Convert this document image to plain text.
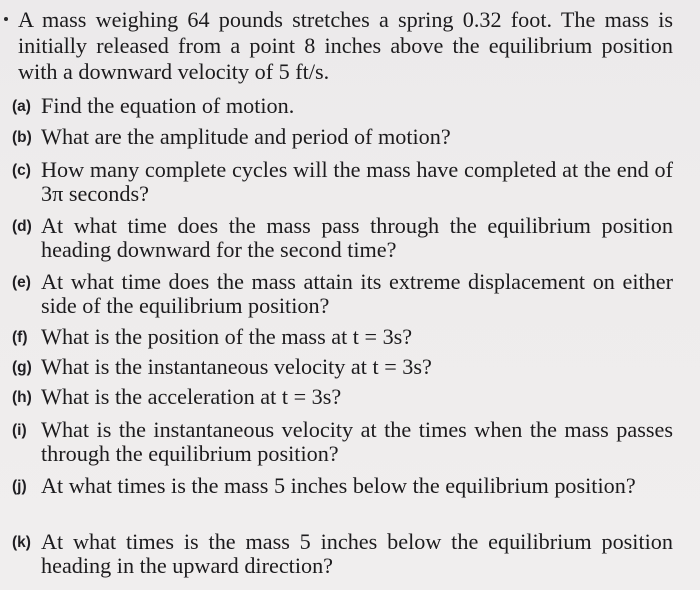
A mass weighing 64 pounds stretches a spring 0.32 foot. The mass is initially released from a point 8 inches above the equilibrium position with a downward velocity of 5 ft/s.

(a) Find the equation of motion.

(b) What are the amplitude and period of motion?

(c) How many complete cycles will the mass have completed at the end of 3π seconds?

(d) At what time does the mass pass through the equilibrium position heading downward for the second time?

(e) At what time does the mass attain its extreme displacement on either side of the equilibrium position?

(f) What is the position of the mass at t = 3s?

(g) What is the instantaneous velocity at t = 3s?

(h) What is the acceleration at t = 3s?

(i) What is the instantaneous velocity at the times when the mass passes through the equilibrium position?

(j) At what times is the mass 5 inches below the equilibrium position?

(k) At what times is the mass 5 inches below the equilibrium position heading in the upward direction?
